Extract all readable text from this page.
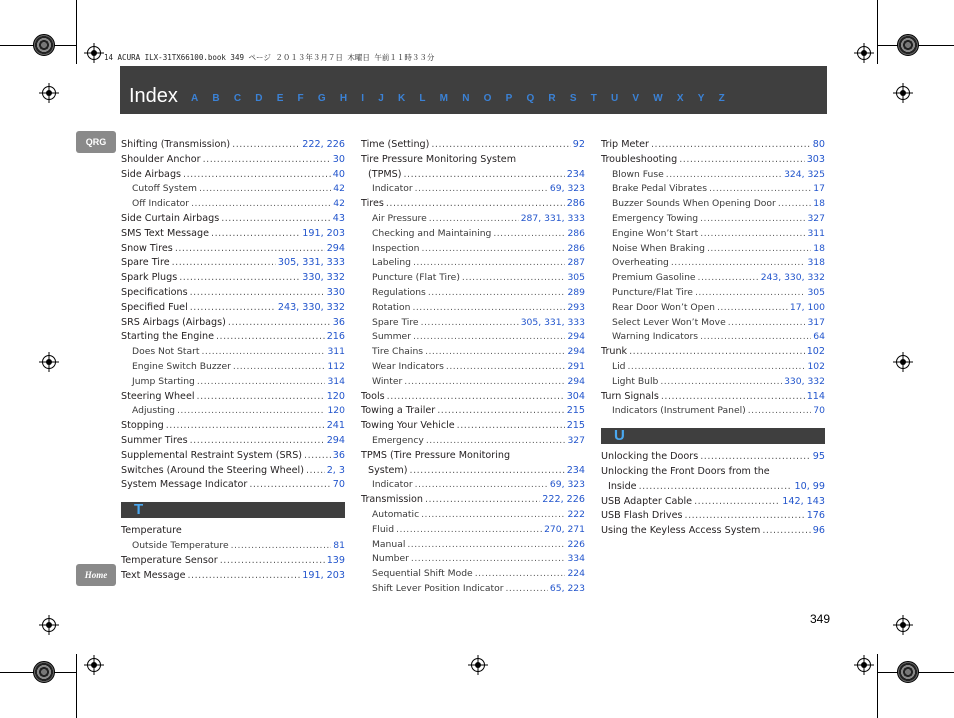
14 ACURA ILX-31TX66100.book 349 ページ ２０１３年３月７日 木曜日 午前１１時３３分
Index A B C D E F G H I J K L M N O P Q R S T U V W X Y Z
QRG
Home
Shifting (Transmission) .....	222, 226
Shoulder Anchor .....	30
Side Airbags .....	40
Cutoff System .....	42
Off Indicator .....	42
Side Curtain Airbags .....	43
SMS Text Message .....	191, 203
Snow Tires .....	294
Spare Tire .....	305, 331, 333
Spark Plugs .....	330, 332
Specifications .....	330
Specified Fuel .....	243, 330, 332
SRS Airbags (Airbags) .....	36
Starting the Engine .....	216
Does Not Start .....	311
Engine Switch Buzzer .....	112
Jump Starting .....	314
Steering Wheel .....	120
Adjusting .....	120
Stopping .....	241
Summer Tires .....	294
Supplemental Restraint System (SRS) .....	36
Switches (Around the Steering Wheel) ..... 2, 3
System Message Indicator .....	70
T
Temperature
Outside Temperature .....	81
Temperature Sensor .....	139
Text Message .....	191, 203
Time (Setting) .....	92
Tire Pressure Monitoring System
(TPMS) .....	234
Indicator .....	69, 323
Tires .....	286
Air Pressure .....	287, 331, 333
Checking and Maintaining .....	286
Inspection .....	286
Labeling .....	287
Puncture (Flat Tire) .....	305
Regulations .....	289
Rotation .....	293
Spare Tire .....	305, 331, 333
Summer .....	294
Tire Chains .....	294
Wear Indicators .....	291
Winter .....	294
Tools .....	304
Towing a Trailer .....	215
Towing Your Vehicle .....	215
Emergency .....	327
TPMS (Tire Pressure Monitoring
System) .....	234
Indicator .....	69, 323
Transmission .....	222, 226
Automatic .....	222
Fluid .....	270, 271
Manual .....	226
Number .....	334
Sequential Shift Mode .....	224
Shift Lever Position Indicator .....	65, 223
Trip Meter .....	80
Troubleshooting .....	303
Blown Fuse .....	324, 325
Brake Pedal Vibrates .....	17
Buzzer Sounds When Opening Door .....	18
Emergency Towing .....	327
Engine Won’t Start .....	311
Noise When Braking .....	18
Overheating .....	318
Premium Gasoline .....	243, 330, 332
Puncture/Flat Tire .....	305
Rear Door Won’t Open .....	17, 100
Select Lever Won’t Move .....	317
Warning Indicators .....	64
Trunk .....	102
Lid .....	102
Light Bulb .....	330, 332
Turn Signals .....	114
Indicators (Instrument Panel) .....	70
U
Unlocking the Doors .....	95
Unlocking the Front Doors from the
Inside .....	10, 99
USB Adapter Cable .....	142, 143
USB Flash Drives .....	176
Using the Keyless Access System .....	96
349
